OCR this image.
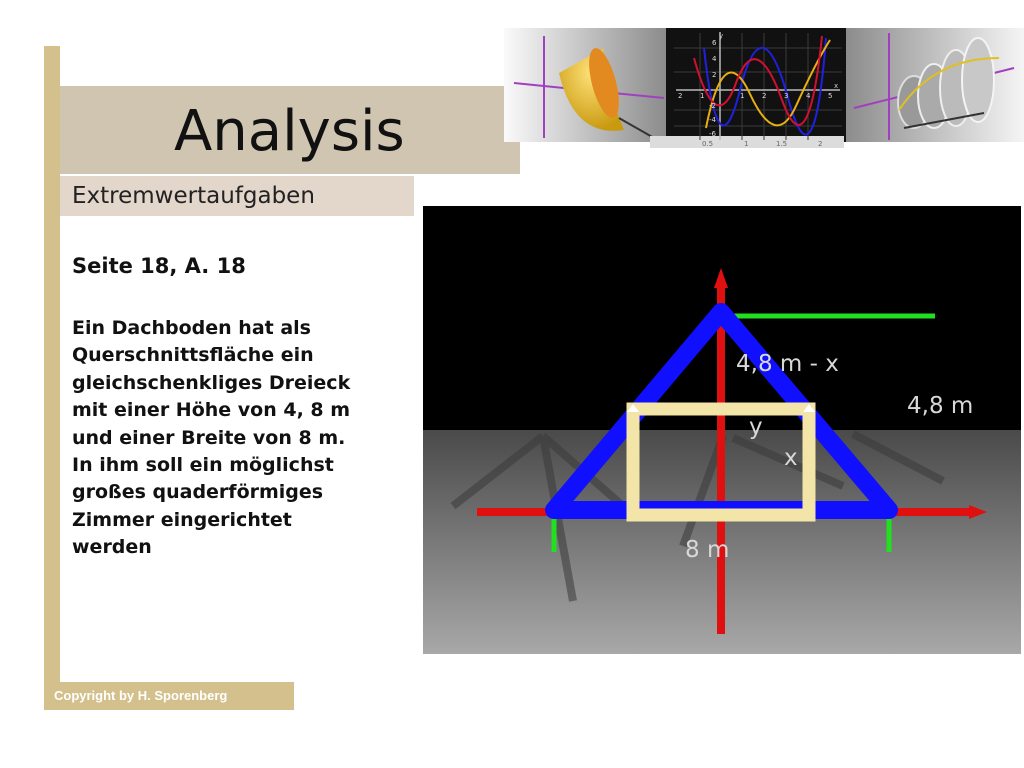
Analysis
y
x
6
4
2
-2
-4
-6
2	1	1	2	3	4	5
0.5	1	1.5	2
Extremwertaufgaben
Seite 18, A. 18
Ein Dachboden hat als
Querschnittsfläche ein
gleichschenkliges Dreieck
mit einer Höhe von 4, 8 m
und einer Breite von 8 m.
In ihm soll ein möglichst
großes quaderförmiges
Zimmer eingerichtet
werden
4,8 m - x
4,8 m
y
x
8 m
Copyright by H. Sporenberg
